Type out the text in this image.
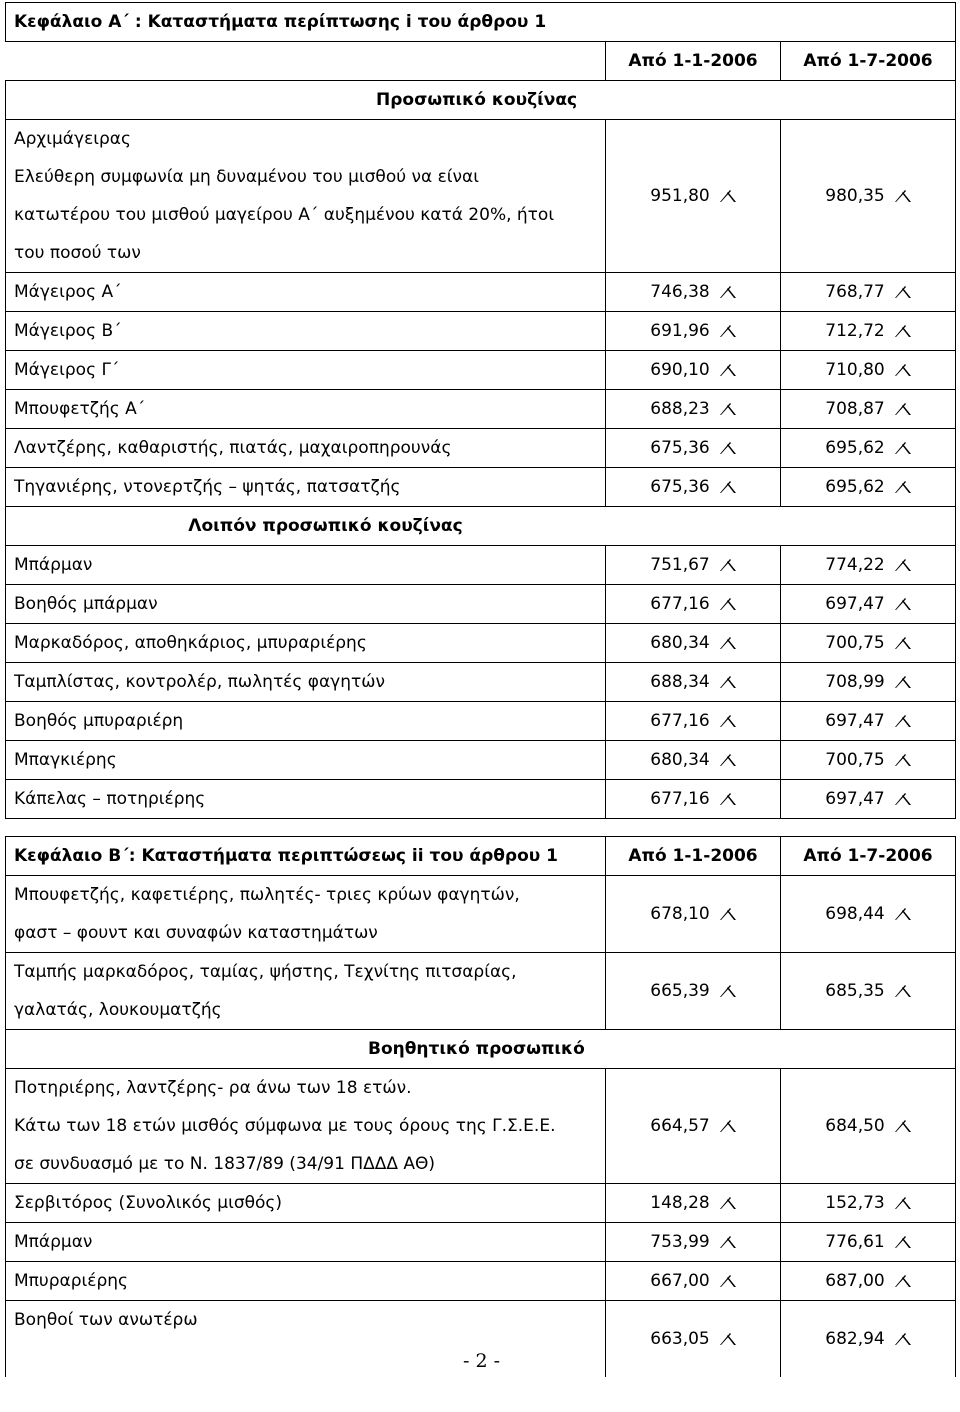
Κεφάλαιο Α΄ : Καταστήματα περίπτωσης i του άρθρου 1		
	Από 1-1-2006	Από 1-7-2006

Προσωπικό κουζίνας		

Αρχιμάγειρας
Ελεύθερη συμφωνία μη δυναμένου του μισθού να είναι
κατωτέρου του μισθού μαγείρου Α΄ αυξημένου κατά 20%, ήτοι
του ποσού των	951,80	980,35
Μάγειρος Α΄	746,38	768,77
Μάγειρος Β΄	691,96	712,72
Μάγειρος Γ΄	690,10	710,80
Μπουφετζής Α΄	688,23	708,87
Λαντζέρης, καθαριστής, πιατάς, μαχαιροπηρουνάς	675,36	695,62
Τηγανιέρης, ντονερτζής – ψητάς, πατσατζής	675,36	695,62
Λοιπόν προσωπικό κουζίνας		
Μπάρμαν	751,67	774,22
Βοηθός μπάρμαν	677,16	697,47
Μαρκαδόρος, αποθηκάριος, μπυραριέρης	680,34	700,75
Ταμπλίστας, κοντρολέρ, πωλητές φαγητών	688,34	708,99
Βοηθός μπυραριέρη	677,16	697,47
Μπαγκιέρης	680,34	700,75
Κάπελας – ποτηριέρης	677,16	697,47
Κεφάλαιο Β΄: Καταστήματα περιπτώσεως ii του άρθρου 1	Από 1-1-2006	Από 1-7-2006

Μπουφετζής, καφετιέρης, πωλητές- τριες κρύων φαγητών,
φαστ – φουντ και συναφών καταστημάτων	678,10	698,44

Ταμπής μαρκαδόρος, ταμίας, ψήστης, Τεχνίτης πιτσαρίας,
γαλατάς, λουκουματζής	665,39	685,35

Βοηθητικό προσωπικό		

Ποτηριέρης, λαντζέρης- ρα άνω των 18 ετών.
Κάτω των 18 ετών μισθός σύμφωνα με τους όρους της Γ.Σ.Ε.Ε.
σε συνδυασμό με το Ν. 1837/89 (34/91 ΠΔΔΔ ΑΘ)	664,57	684,50
Σερβιτόρος (Συνολικός μισθός)	148,28	152,73
Μπάρμαν	753,99	776,61
Μπυραριέρης	667,00	687,00
Βοηθοί των ανωτέρω	663,05	682,94
- 2 -
